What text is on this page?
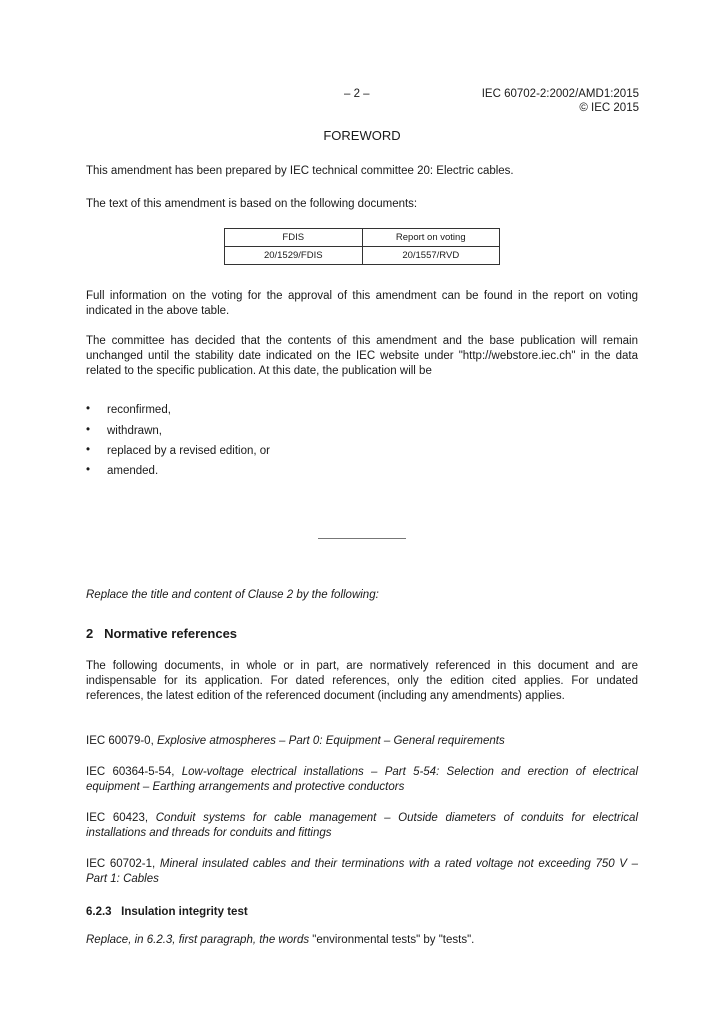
– 2 –	IEC 60702-2:2002/AMD1:2015
© IEC 2015
FOREWORD
This amendment has been prepared by IEC technical committee 20: Electric cables.
The text of this amendment is based on the following documents:
FDIS	Report on voting
20/1529/FDIS	20/1557/RVD
Full information on the voting for the approval of this amendment can be found in the report on voting indicated in the above table.
The committee has decided that the contents of this amendment and the base publication will remain unchanged until the stability date indicated on the IEC website under "http://webstore.iec.ch" in the data related to the specific publication. At this date, the publication will be
• reconfirmed,
• withdrawn,
• replaced by a revised edition, or
• amended.
Replace the title and content of Clause 2 by the following:
2   Normative references
The following documents, in whole or in part, are normatively referenced in this document and are indispensable for its application. For dated references, only the edition cited applies. For undated references, the latest edition of the referenced document (including any amendments) applies.
IEC 60079-0, Explosive atmospheres – Part 0: Equipment – General requirements
IEC 60364-5-54, Low-voltage electrical installations – Part 5-54: Selection and erection of electrical equipment – Earthing arrangements and protective conductors
IEC 60423, Conduit systems for cable management – Outside diameters of conduits for electrical installations and threads for conduits and fittings
IEC 60702-1, Mineral insulated cables and their terminations with a rated voltage not exceeding 750 V – Part 1: Cables
6.2.3   Insulation integrity test
Replace, in 6.2.3, first paragraph, the words "environmental tests" by "tests".
